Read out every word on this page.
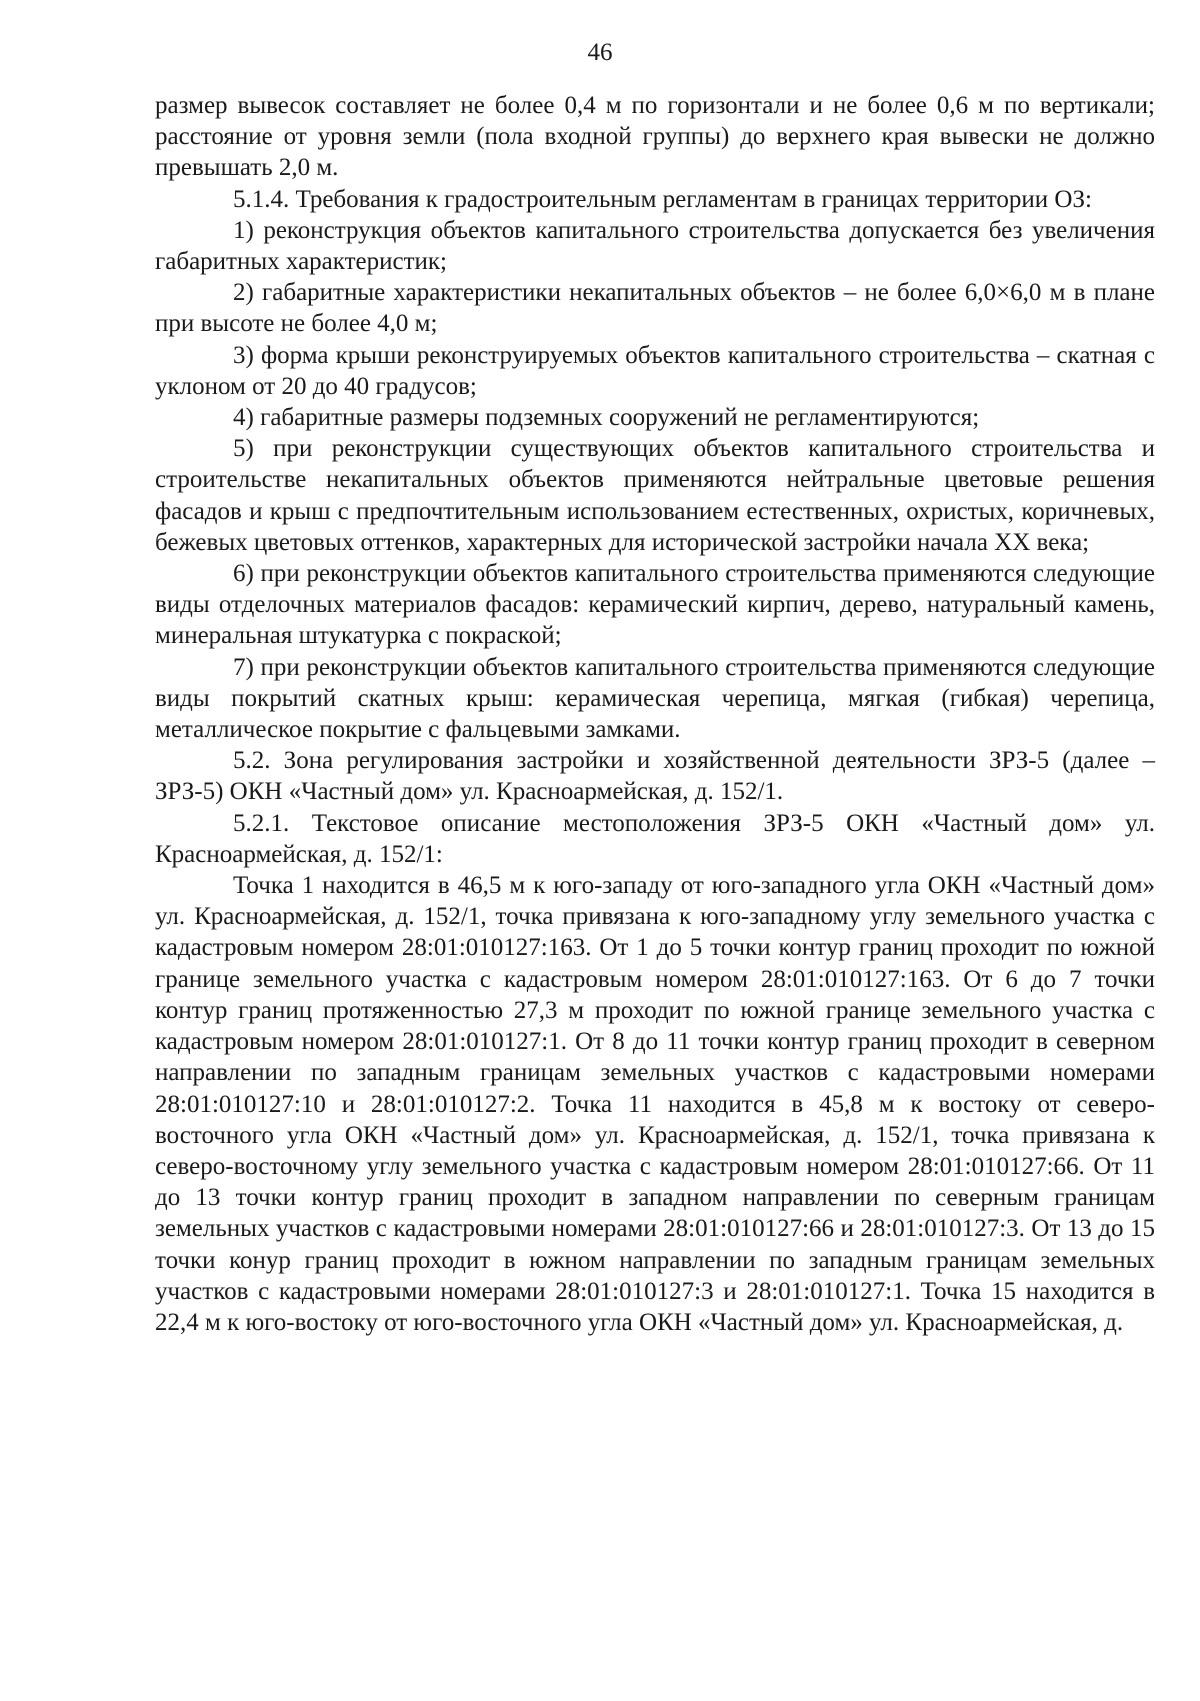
46

размер вывесок составляет не более 0,4 м по горизонтали и не более 0,6 м по вертикали; расстояние от уровня земли (пола входной группы) до верхнего края вывески не должно превышать 2,0 м.

5.1.4. Требования к градостроительным регламентам в границах территории ОЗ:

1) реконструкция объектов капитального строительства допускается без увеличения габаритных характеристик;

2) габаритные характеристики некапитальных объектов – не более 6,0×6,0 м в плане при высоте не более 4,0 м;

3) форма крыши реконструируемых объектов капитального строительства – скатная с уклоном от 20 до 40 градусов;

4) габаритные размеры подземных сооружений не регламентируются;

5) при реконструкции существующих объектов капитального строительства и строительстве некапитальных объектов применяются нейтральные цветовые решения фасадов и крыш с предпочтительным использованием естественных, охристых, коричневых, бежевых цветовых оттенков, характерных для исторической застройки начала XX века;

6) при реконструкции объектов капитального строительства применяются следующие виды отделочных материалов фасадов: керамический кирпич, дерево, натуральный камень, минеральная штукатурка с покраской;

7) при реконструкции объектов капитального строительства применяются следующие виды покрытий скатных крыш: керамическая черепица, мягкая (гибкая) черепица, металлическое покрытие с фальцевыми замками.

5.2. Зона регулирования застройки и хозяйственной деятельности ЗРЗ-5 (далее – ЗРЗ-5) ОКН «Частный дом» ул. Красноармейская, д. 152/1.

5.2.1. Текстовое описание местоположения ЗРЗ-5 ОКН «Частный дом» ул. Красноармейская, д. 152/1:

Точка 1 находится в 46,5 м к юго-западу от юго-западного угла ОКН «Частный дом» ул. Красноармейская, д. 152/1, точка привязана к юго-западному углу земельного участка с кадастровым номером 28:01:010127:163. От 1 до 5 точки контур границ проходит по южной границе земельного участка с кадастровым номером 28:01:010127:163. От 6 до 7 точки контур границ протяженностью 27,3 м проходит по южной границе земельного участка с кадастровым номером 28:01:010127:1. От 8 до 11 точки контур границ проходит в северном направлении по западным границам земельных участков с кадастровыми номерами 28:01:010127:10 и 28:01:010127:2. Точка 11 находится в 45,8 м к востоку от северо-восточного угла ОКН «Частный дом» ул. Красноармейская, д. 152/1, точка привязана к северо-восточному углу земельного участка с кадастровым номером 28:01:010127:66. От 11 до 13 точки контур границ проходит в западном направлении по северным границам земельных участков с кадастровыми номерами 28:01:010127:66 и 28:01:010127:3. От 13 до 15 точки конур границ проходит в южном направлении по западным границам земельных участков с кадастровыми номерами 28:01:010127:3 и 28:01:010127:1. Точка 15 находится в 22,4 м к юго-востоку от юго-восточного угла ОКН «Частный дом» ул. Красноармейская, д.
